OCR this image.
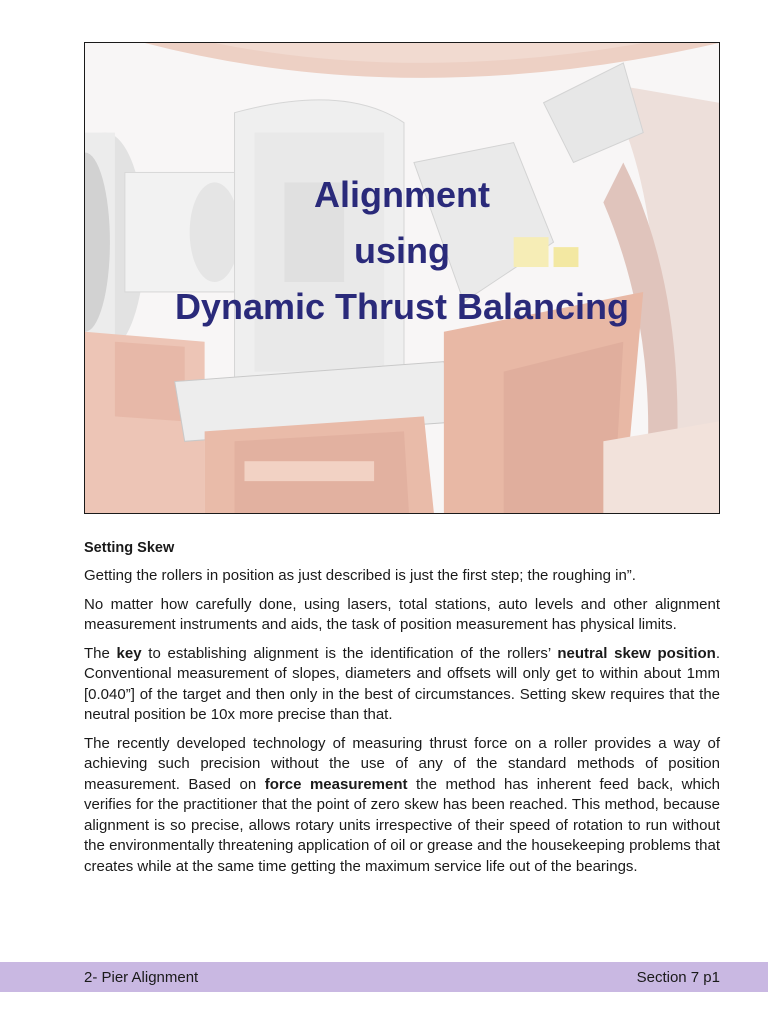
Alignment
using
Dynamic Thrust Balancing
Setting Skew

Getting the rollers in position as just described is just the first step; the roughing in”.

No matter how carefully done, using lasers, total stations, auto levels and other alignment measurement instruments and aids, the task of position measurement has physical limits.

The key to establishing alignment is the identification of the rollers’ neutral skew position. Conventional measurement of slopes, diameters and offsets will only get to within about 1mm [0.040”] of the target and then only in the best of circumstances. Setting skew requires that the neutral position be 10x more precise than that.

The recently developed technology of measuring thrust force on a roller provides a way of achieving such precision without the use of any of the standard methods of position measurement. Based on force measurement the method has inherent feed back, which verifies for the practitioner that the point of zero skew has been reached. This method, because alignment is so precise, allows rotary units irrespective of their speed of rotation to run without the environmentally threatening application of oil or grease and the housekeeping problems that creates while at the same time getting the maximum service life out of the bearings.

2- Pier Alignment	Section 7 p1
